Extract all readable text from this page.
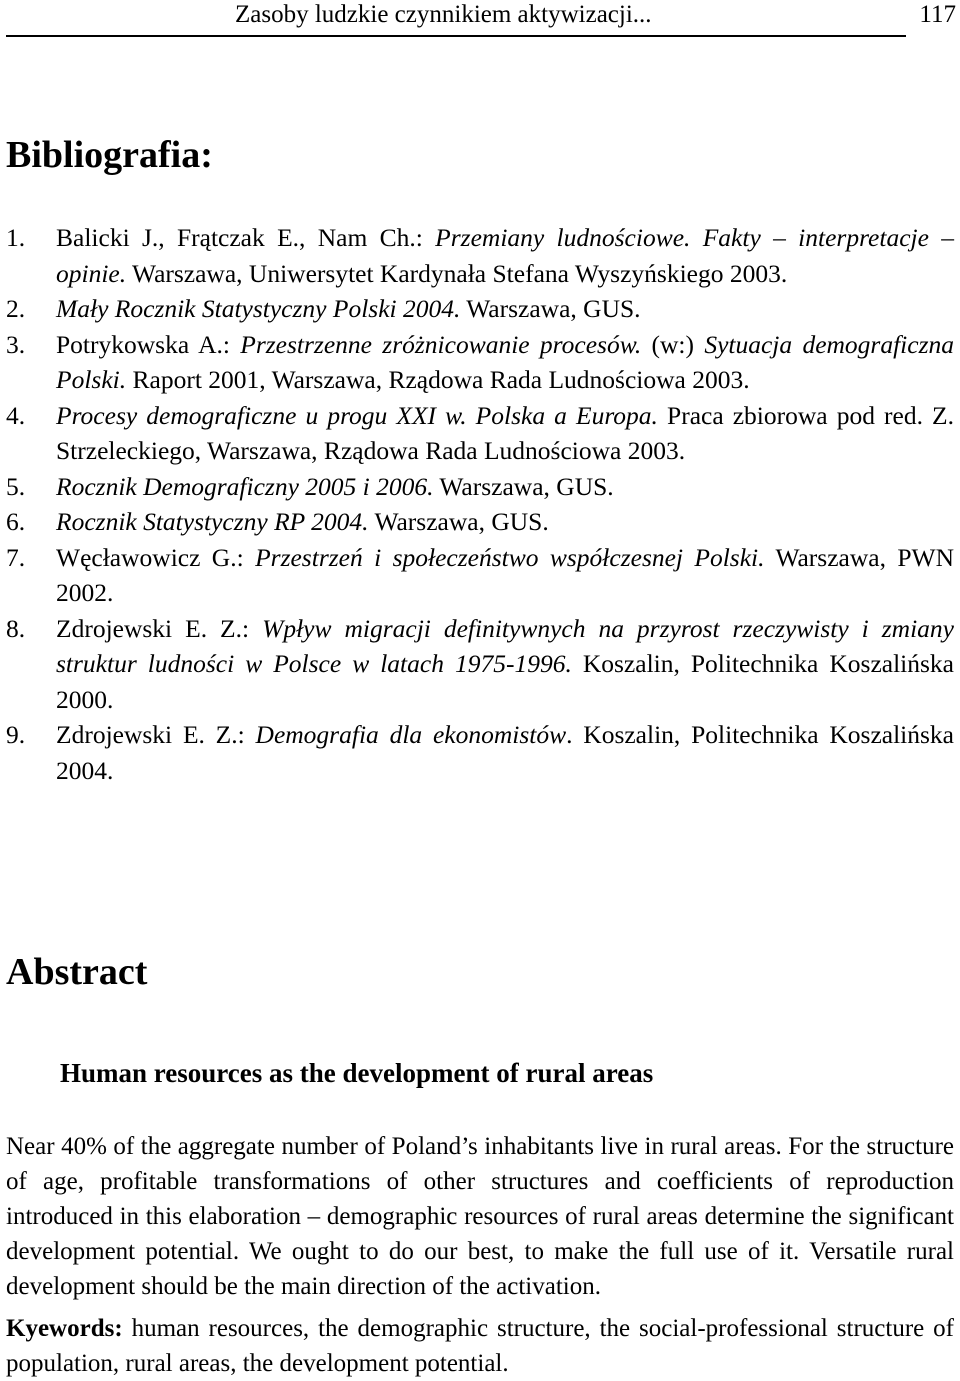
Zasoby ludzkie czynnikiem aktywizacji...	117
Bibliografia:
1. Balicki J., Frątczak E., Nam Ch.: Przemiany ludnościowe. Fakty – interpretacje – opinie. Warszawa, Uniwersytet Kardynała Stefana Wyszyńskiego 2003.
2. Mały Rocznik Statystyczny Polski 2004. Warszawa, GUS.
3. Potrykowska A.: Przestrzenne zróżnicowanie procesów. (w:) Sytuacja demograficzna Polski. Raport 2001, Warszawa, Rządowa Rada Ludnościowa 2003.
4. Procesy demograficzne u progu XXI w. Polska a Europa. Praca zbiorowa pod red. Z. Strzeleckiego, Warszawa, Rządowa Rada Ludnościowa 2003.
5. Rocznik Demograficzny 2005 i 2006. Warszawa, GUS.
6. Rocznik Statystyczny RP 2004. Warszawa, GUS.
7. Węcławowicz G.: Przestrzeń i społeczeństwo współczesnej Polski. Warszawa, PWN 2002.
8. Zdrojewski E. Z.: Wpływ migracji definitywnych na przyrost rzeczywisty i zmiany struktur ludności w Polsce w latach 1975-1996. Koszalin, Politechnika Koszalińska 2000.
9. Zdrojewski E. Z.: Demografia dla ekonomistów. Koszalin, Politechnika Koszalińska 2004.
Abstract
Human resources as the development of rural areas

Near 40% of the aggregate number of Poland’s inhabitants live in rural areas. For the structure of age, profitable transformations of other structures and coefficients of reproduction introduced in this elaboration – demographic resources of rural areas determine the significant development potential. We ought to do our best, to make the full use of it. Versatile rural development should be the main direction of the activation.

Kyewords: human resources, the demographic structure, the social-professional structure of population, rural areas, the development potential.
